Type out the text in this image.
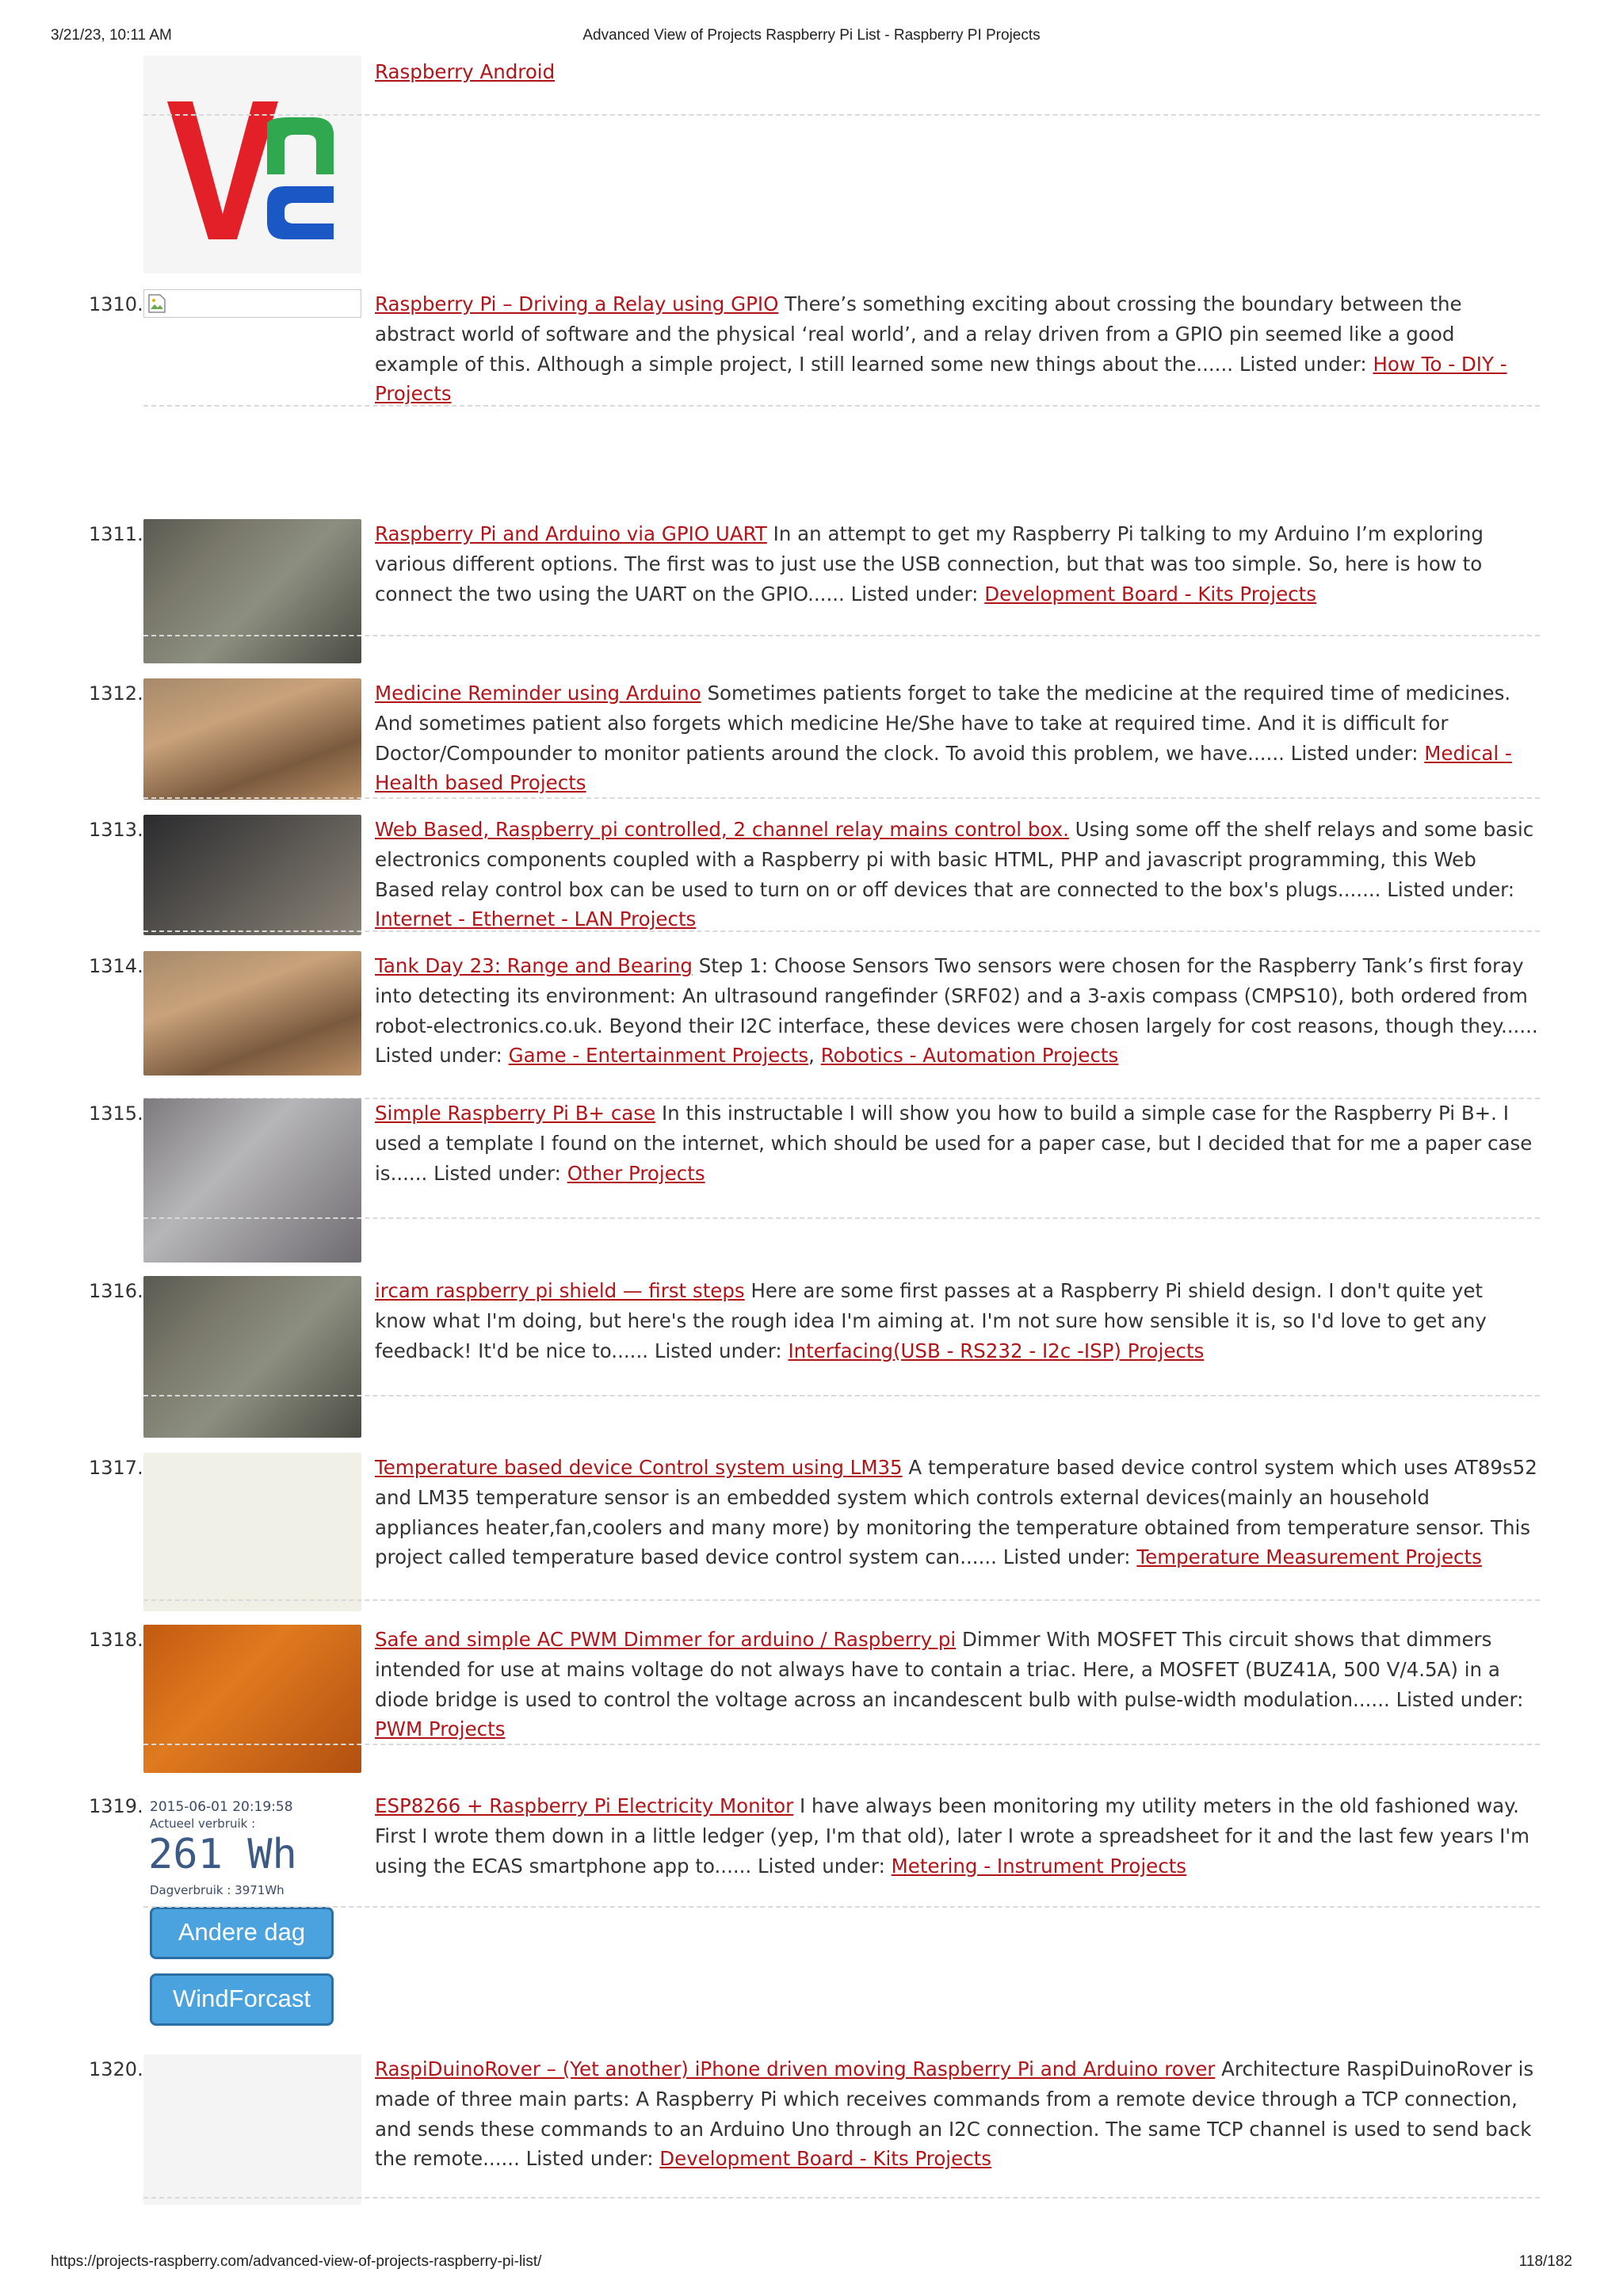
3/21/23, 10:11 AM	Advanced View of Projects Raspberry Pi List - Raspberry PI Projects
Raspberry Android
1310.	Raspberry Pi – Driving a Relay using GPIO There’s something exciting about crossing the boundary between the abstract world of software and the physical ‘real world’, and a relay driven from a GPIO pin seemed like a good example of this. Although a simple project, I still learned some new things about the...... Listed under: How To - DIY - Projects
1311.	Raspberry Pi and Arduino via GPIO UART In an attempt to get my Raspberry Pi talking to my Arduino I’m exploring various different options. The first was to just use the USB connection, but that was too simple. So, here is how to connect the two using the UART on the GPIO...... Listed under: Development Board - Kits Projects
1312.	Medicine Reminder using Arduino Sometimes patients forget to take the medicine at the required time of medicines. And sometimes patient also forgets which medicine He/She have to take at required time. And it is difficult for Doctor/Compounder to monitor patients around the clock. To avoid this problem, we have...... Listed under: Medical - Health based Projects
1313.	Web Based, Raspberry pi controlled, 2 channel relay mains control box. Using some off the shelf relays and some basic electronics components coupled with a Raspberry pi with basic HTML, PHP and javascript programming, this Web Based relay control box can be used to turn on or off devices that are connected to the box's plugs....... Listed under: Internet - Ethernet - LAN Projects
1314.	Tank Day 23: Range and Bearing Step 1: Choose Sensors Two sensors were chosen for the Raspberry Tank’s first foray into detecting its environment: An ultrasound rangefinder (SRF02) and a 3-axis compass (CMPS10), both ordered from robot-electronics.co.uk. Beyond their I2C interface, these devices were chosen largely for cost reasons, though they...... Listed under: Game - Entertainment Projects, Robotics - Automation Projects
1315.	Simple Raspberry Pi B+ case In this instructable I will show you how to build a simple case for the Raspberry Pi B+. I used a template I found on the internet, which should be used for a paper case, but I decided that for me a paper case is...... Listed under: Other Projects
1316.	ircam raspberry pi shield — first steps Here are some first passes at a Raspberry Pi shield design. I don't quite yet know what I'm doing, but here's the rough idea I'm aiming at. I'm not sure how sensible it is, so I'd love to get any feedback! It'd be nice to...... Listed under: Interfacing(USB - RS232 - I2c -ISP) Projects
1317.	Temperature based device Control system using LM35 A temperature based device control system which uses AT89s52 and LM35 temperature sensor is an embedded system which controls external devices(mainly an household appliances heater,fan,coolers and many more) by monitoring the temperature obtained from temperature sensor. This project called temperature based device control system can...... Listed under: Temperature Measurement Projects
1318.	Safe and simple AC PWM Dimmer for arduino / Raspberry pi Dimmer With MOSFET This circuit shows that dimmers intended for use at mains voltage do not always have to contain a triac. Here, a MOSFET (BUZ41A, 500 V/4.5A) in a diode bridge is used to control the voltage across an incandescent bulb with pulse-width modulation...... Listed under: PWM Projects
1319. 2015-06-01 20:19:58
Actueel verbruik :
261 Wh
Dagverbruik : 3971Wh
Andere dag
WindForcast
ESP8266 + Raspberry Pi Electricity Monitor I have always been monitoring my utility meters in the old fashioned way. First I wrote them down in a little ledger (yep, I'm that old), later I wrote a spreadsheet for it and the last few years I'm using the ECAS smartphone app to...... Listed under: Metering - Instrument Projects
1320.	RaspiDuinoRover – (Yet another) iPhone driven moving Raspberry Pi and Arduino rover Architecture RaspiDuinoRover is made of three main parts: A Raspberry Pi which receives commands from a remote device through a TCP connection, and sends these commands to an Arduino Uno through an I2C connection. The same TCP channel is used to send back the remote...... Listed under: Development Board - Kits Projects
https://projects-raspberry.com/advanced-view-of-projects-raspberry-pi-list/	118/182
